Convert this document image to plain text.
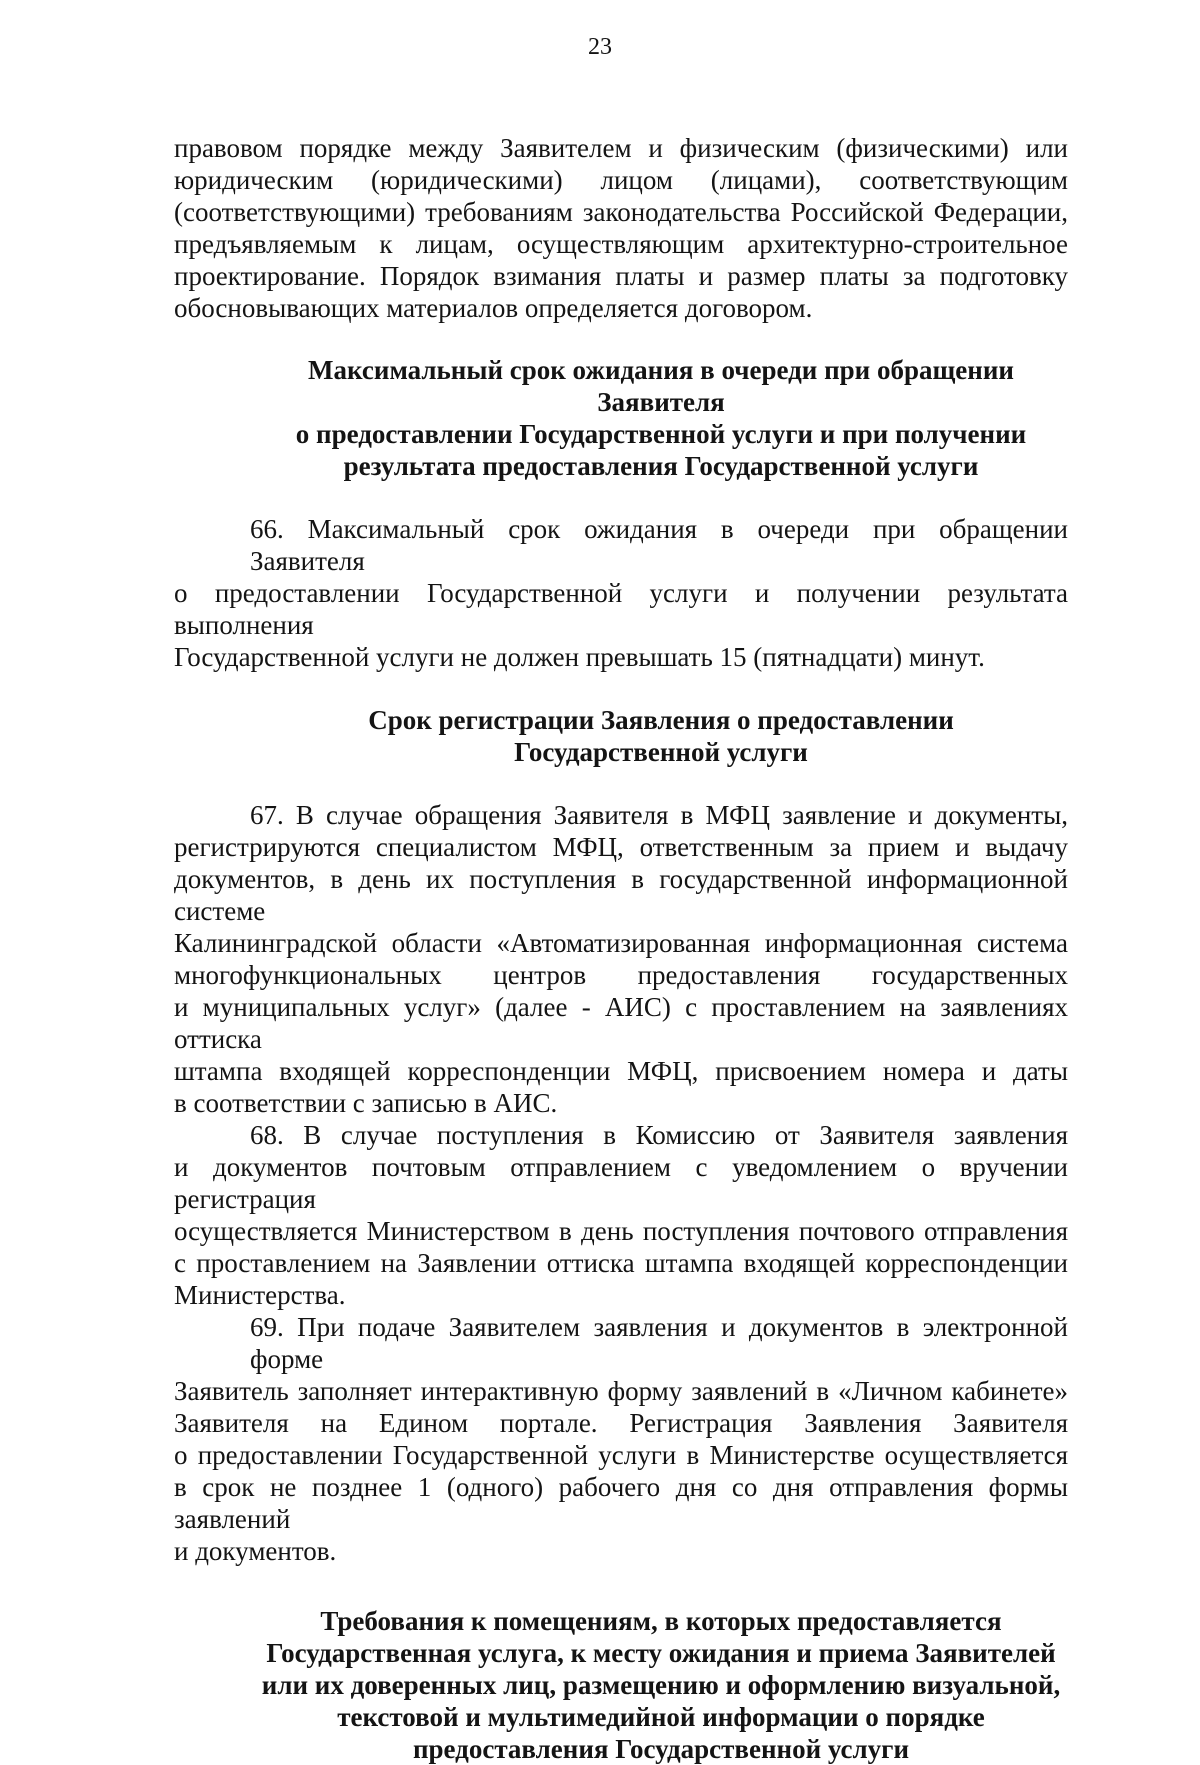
23

правовом порядке между Заявителем и физическим (физическими) или
юридическим (юридическими) лицом (лицами), соответствующим
(соответствующими) требованиям законодательства Российской Федерации,
предъявляемым к лицам, осуществляющим архитектурно-строительное
проектирование. Порядок взимания платы и размер платы за подготовку
обосновывающих материалов определяется договором.

Максимальный срок ожидания в очереди при обращении Заявителя
о предоставлении Государственной услуги и при получении
результата предоставления Государственной услуги

66. Максимальный срок ожидания в очереди при обращении Заявителя
о предоставлении Государственной услуги и получении результата выполнения
Государственной услуги не должен превышать 15 (пятнадцати) минут.

Срок регистрации Заявления о предоставлении
Государственной услуги

67. В случае обращения Заявителя в МФЦ заявление и документы,
регистрируются специалистом МФЦ, ответственным за прием и выдачу
документов, в день их поступления в государственной информационной системе
Калининградской области «Автоматизированная информационная система
многофункциональных центров предоставления государственных
и муниципальных услуг» (далее - АИС) с проставлением на заявлениях оттиска
штампа входящей корреспонденции МФЦ, присвоением номера и даты
в соответствии с записью в АИС.

68. В случае поступления в Комиссию от Заявителя заявления
и документов почтовым отправлением с уведомлением о вручении регистрация
осуществляется Министерством в день поступления почтового отправления
с проставлением на Заявлении оттиска штампа входящей корреспонденции
Министерства.

69. При подаче Заявителем заявления и документов в электронной форме
Заявитель заполняет интерактивную форму заявлений в «Личном кабинете»
Заявителя на Едином портале. Регистрация Заявления Заявителя
о предоставлении Государственной услуги в Министерстве осуществляется
в срок не позднее 1 (одного) рабочего дня со дня отправления формы заявлений
и документов.

Требования к помещениям, в которых предоставляется
Государственная услуга, к месту ожидания и приема Заявителей
или их доверенных лиц, размещению и оформлению визуальной,
текстовой и мультимедийной информации о порядке
предоставления Государственной услуги
